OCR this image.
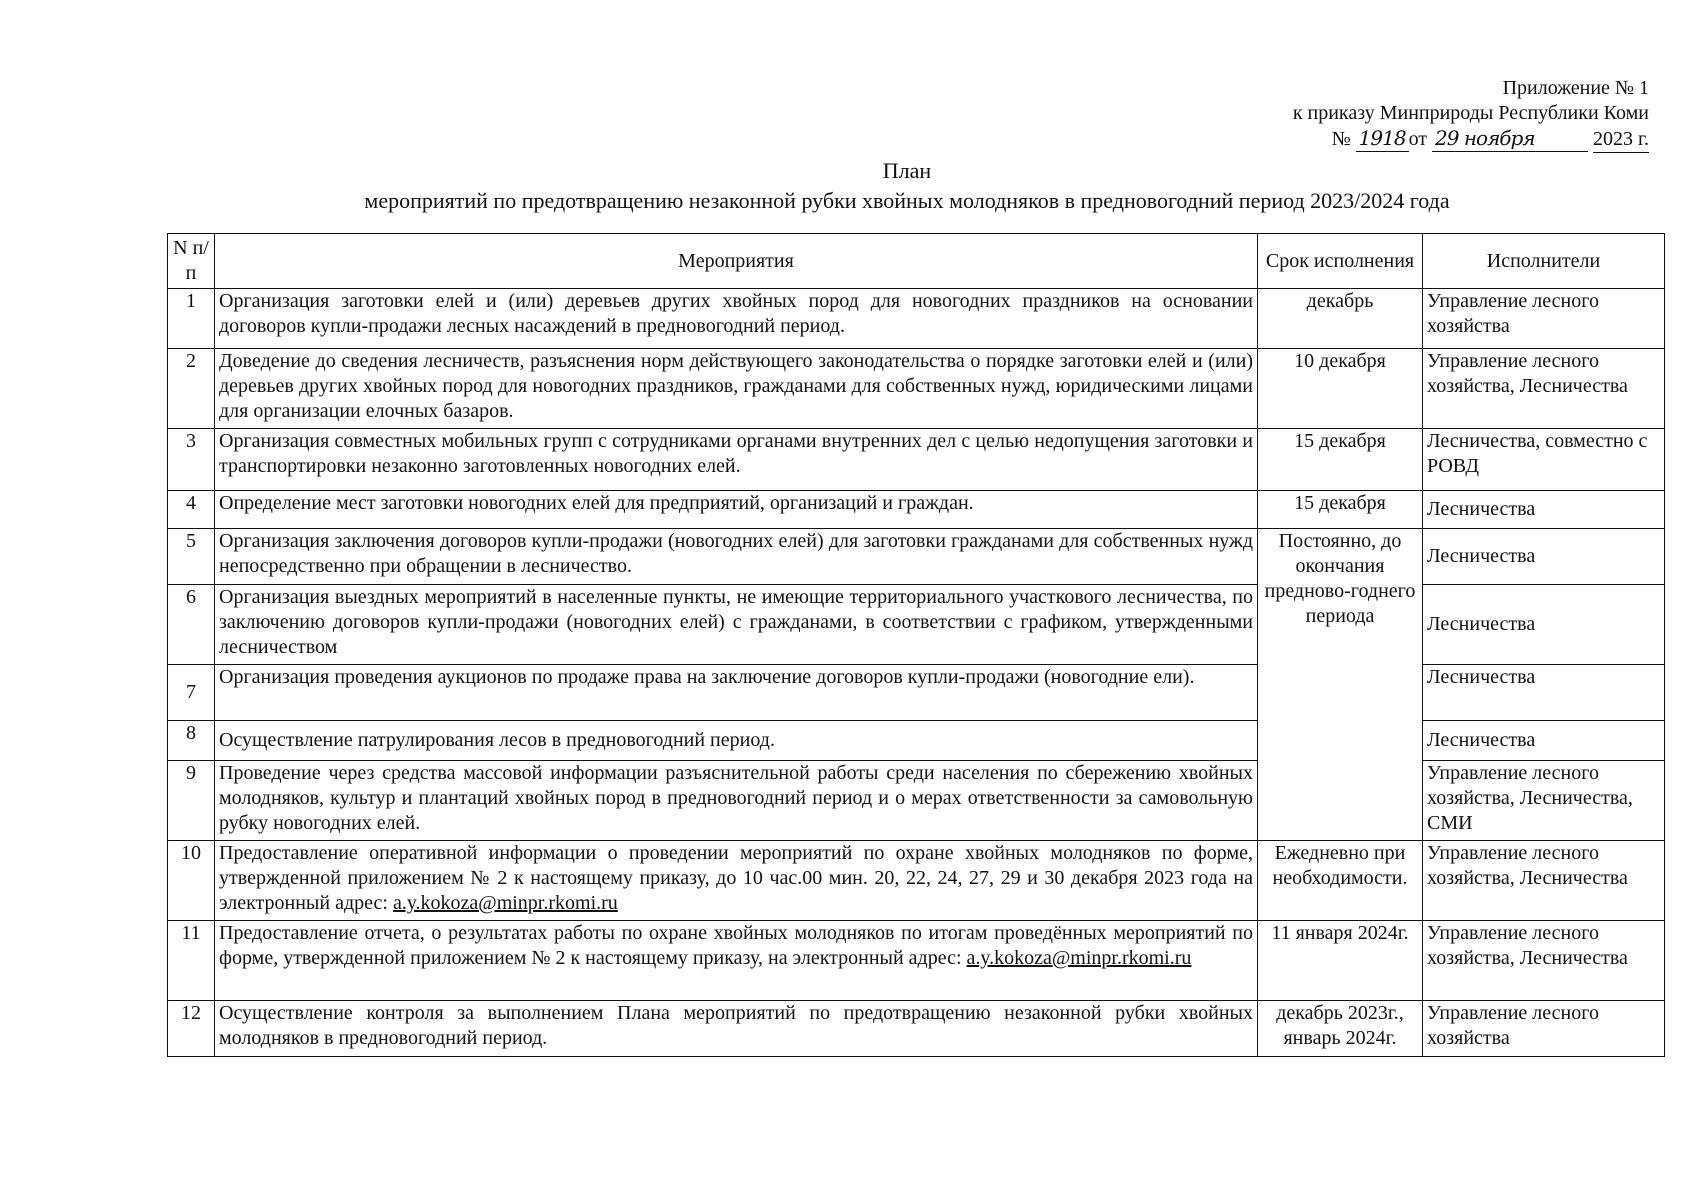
Приложение № 1
к приказу Минприроды Республики Коми
№ 1918 от 29 ноября	2023 г.
План
мероприятий по предотвращению незаконной рубки хвойных молодняков в предновогодний период 2023/2024 года
N п/п	Мероприятия	Срок исполнения	Исполнители
1	Организация заготовки елей и (или) деревьев других хвойных пород для новогодних праздников на основании договоров купли-продажи лесных насаждений в предновогодний период.	декабрь	Управление лесного хозяйства
2	Доведение до сведения лесничеств, разъяснения норм действующего законодательства о порядке заготовки елей и (или) деревьев других хвойных пород для новогодних праздников, гражданами для собственных нужд, юридическими лицами для организации елочных базаров.	10 декабря	Управление лесного хозяйства, Лесничества
3	Организация совместных мобильных групп с сотрудниками органами внутренних дел с целью недопущения заготовки и транспортировки незаконно заготовленных новогодних елей.	15 декабря	Лесничества, совместно с РОВД
4	Определение мест заготовки новогодних елей для предприятий, организаций и граждан.	15 декабря	Лесничества
5	Организация заключения договоров купли-продажи (новогодних елей) для заготовки гражданами для собственных нужд непосредственно при обращении в лесничество.	Постоянно, до окончания предново-годнего периода	Лесничества
6	Организация выездных мероприятий в населенные пункты, не имеющие территориального участкового лесничества, по заключению договоров купли-продажи (новогодних елей) с гражданами, в соответствии с графиком, утвержденными лесничеством		Лесничества
7	Организация проведения аукционов по продаже права на заключение договоров купли-продажи (новогодние ели).		Лесничества
8	Осуществление патрулирования лесов в предновогодний период.		Лесничества
9	Проведение через средства массовой информации разъяснительной работы среди населения по сбережению хвойных молодняков, культур и плантаций хвойных пород в предновогодний период и о мерах ответственности за самовольную рубку новогодних елей.		Управление лесного хозяйства, Лесничества, СМИ
10	Предоставление оперативной информации о проведении мероприятий по охране хвойных молодняков по форме, утвержденной приложением № 2 к настоящему приказу, до 10 час.00 мин. 20, 22, 24, 27, 29 и 30 декабря 2023 года на электронный адрес: a.y.kokoza@minpr.rkomi.ru	Ежедневно при необходимости.	Управление лесного хозяйства, Лесничества
11	Предоставление отчета, о результатах работы по охране хвойных молодняков по итогам проведённых мероприятий по форме, утвержденной приложением № 2 к настоящему приказу, на электронный адрес: a.y.kokoza@minpr.rkomi.ru	11 января 2024г.	Управление лесного хозяйства, Лесничества
12	Осуществление контроля за выполнением Плана мероприятий по предотвращению незаконной рубки хвойных молодняков в предновогодний период.	декабрь 2023г., январь 2024г.	Управление лесного хозяйства
